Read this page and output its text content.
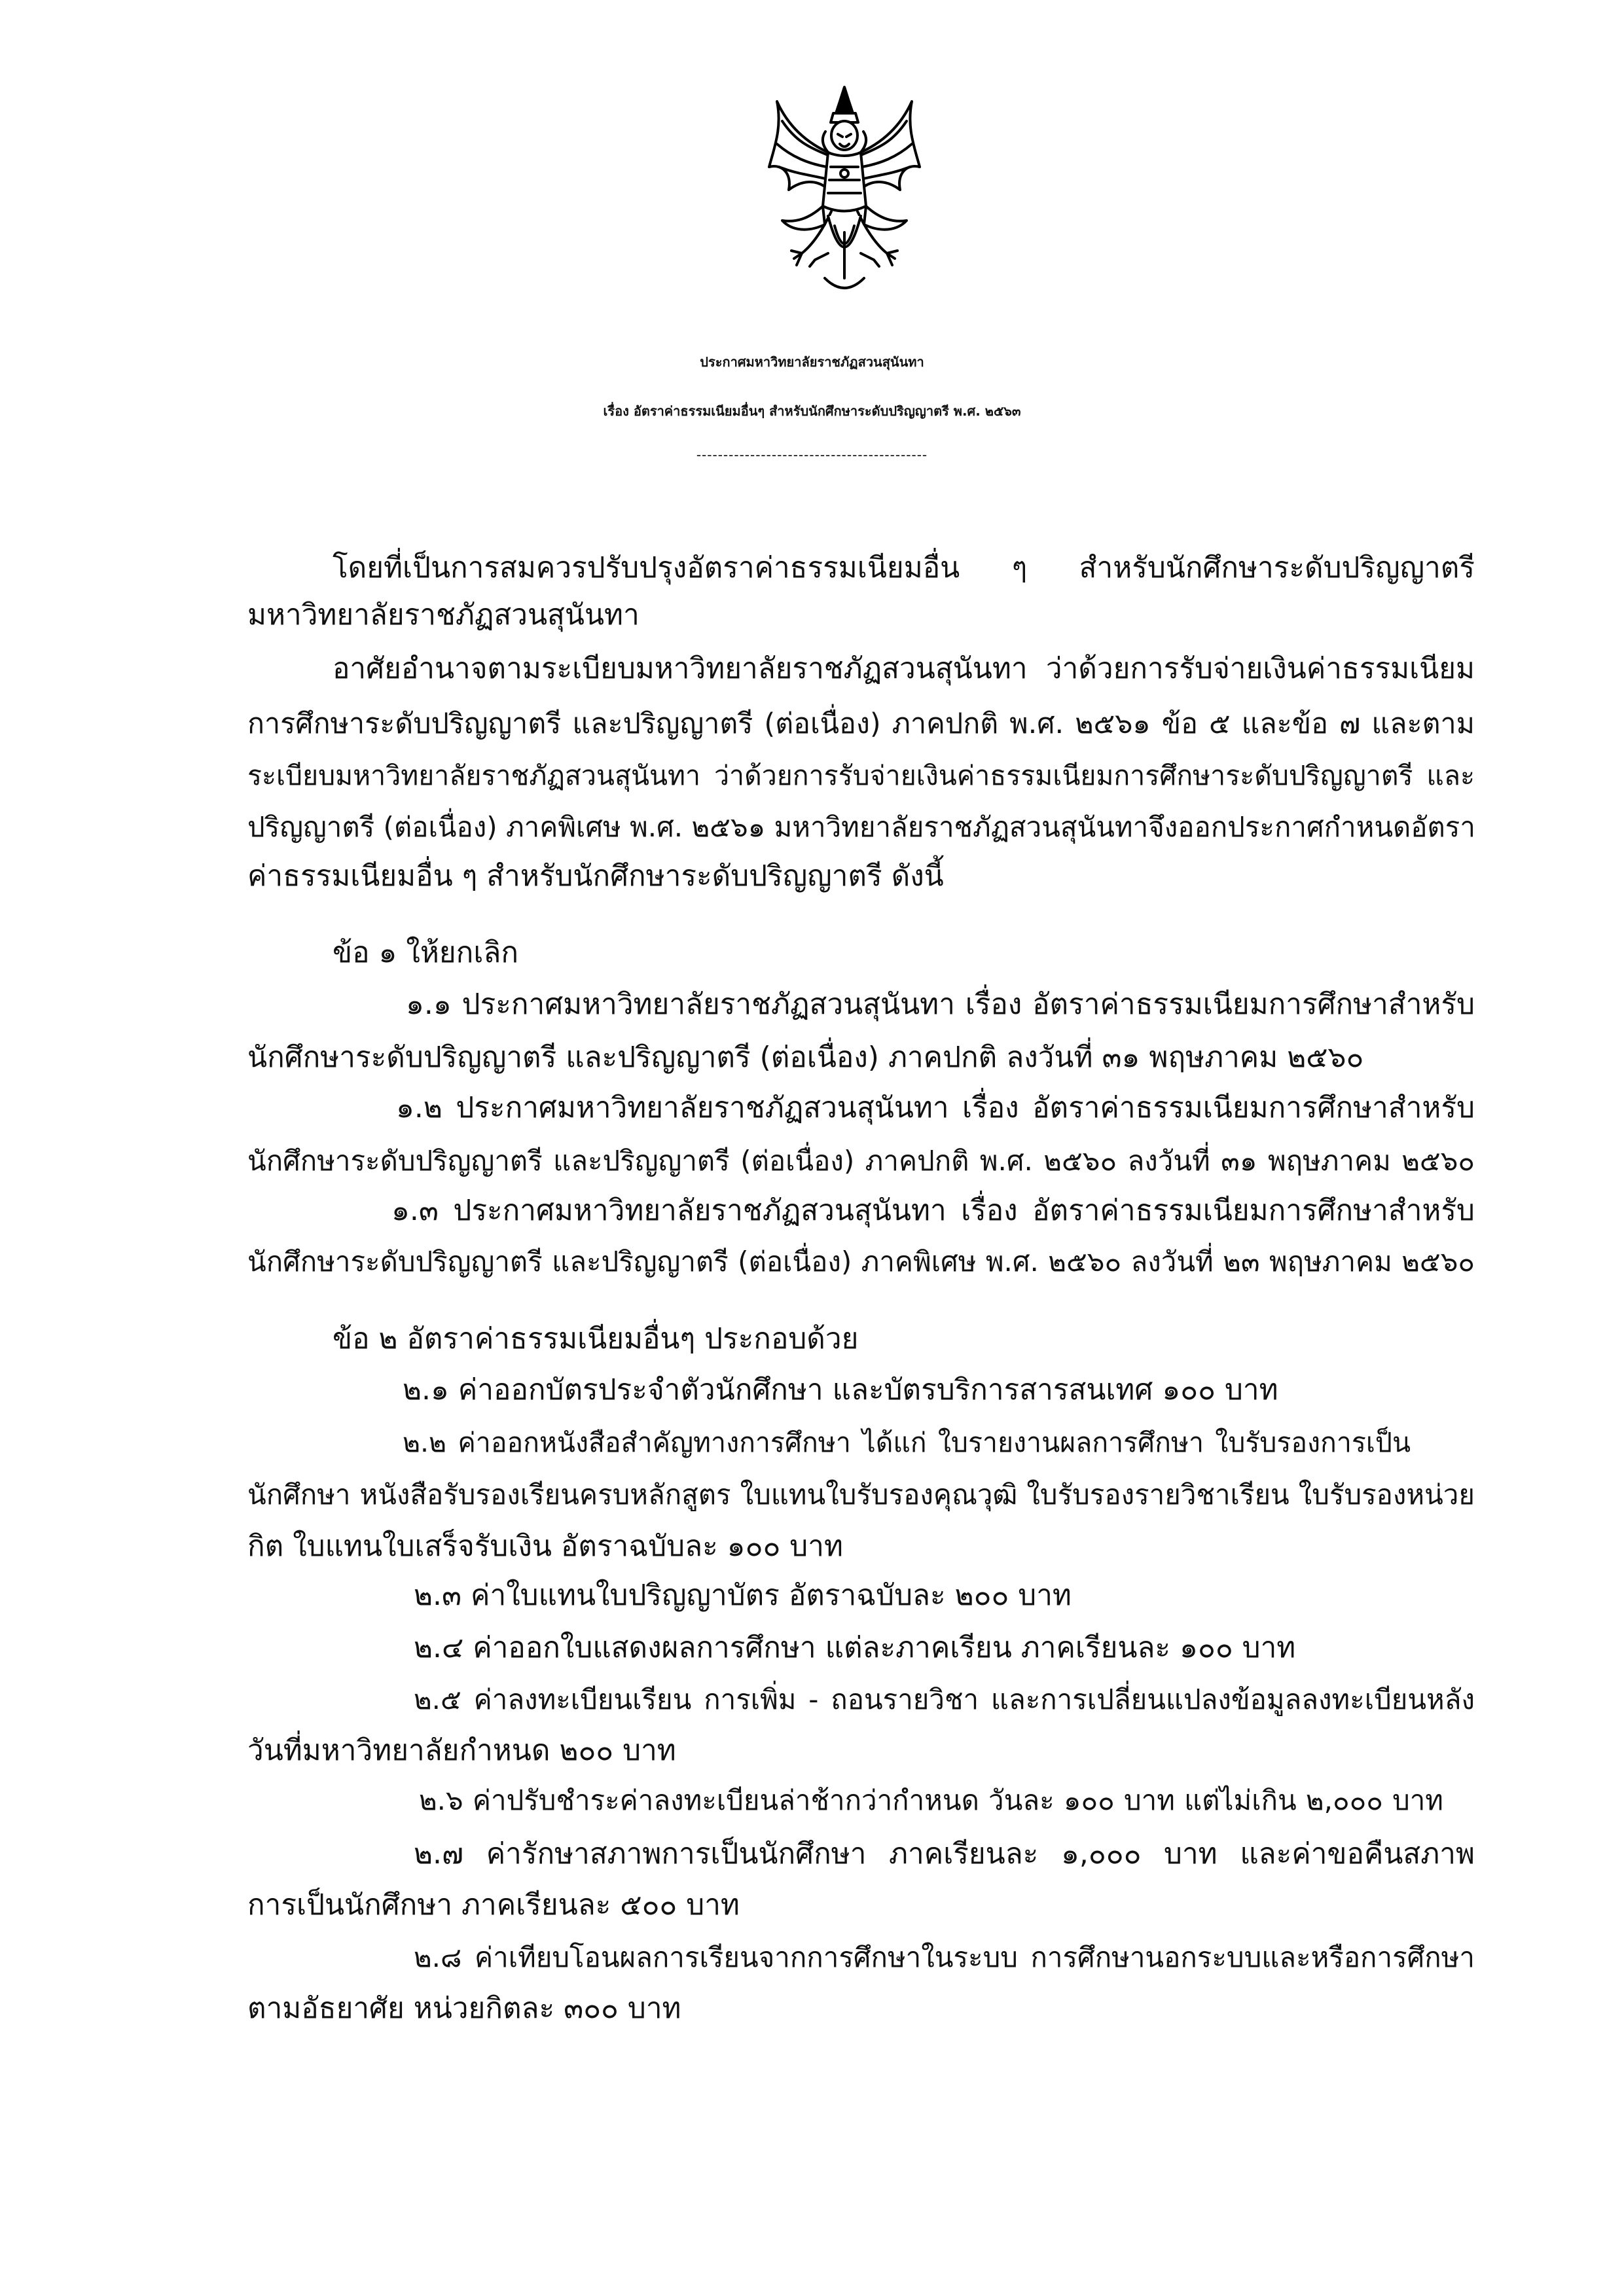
ประกาศมหาวิทยาลัยราชภัฏสวนสุนันทา
เรื่อง อัตราค่าธรรมเนียมอื่นๆ สำหรับนักศึกษาระดับปริญญาตรี พ.ศ. ๒๕๖๓
-------------------------------------------
โดยที่เป็นการสมควรปรับปรุงอัตราค่าธรรมเนียมอื่น ๆ สำหรับนักศึกษาระดับปริญญาตรี
มหาวิทยาลัยราชภัฏสวนสุนันทา
อาศัยอำนาจตามระเบียบมหาวิทยาลัยราชภัฏสวนสุนันทา ว่าด้วยการรับจ่ายเงินค่าธรรมเนียม
การศึกษาระดับปริญญาตรี และปริญญาตรี (ต่อเนื่อง) ภาคปกติ พ.ศ. ๒๕๖๑ ข้อ ๕ และข้อ ๗ และตาม
ระเบียบมหาวิทยาลัยราชภัฏสวนสุนันทา ว่าด้วยการรับจ่ายเงินค่าธรรมเนียมการศึกษาระดับปริญญาตรี และ
ปริญญาตรี (ต่อเนื่อง) ภาคพิเศษ พ.ศ. ๒๕๖๑ มหาวิทยาลัยราชภัฏสวนสุนันทาจึงออกประกาศกำหนดอัตรา
ค่าธรรมเนียมอื่น ๆ สำหรับนักศึกษาระดับปริญญาตรี ดังนี้
ข้อ ๑ ให้ยกเลิก
๑.๑ ประกาศมหาวิทยาลัยราชภัฏสวนสุนันทา เรื่อง อัตราค่าธรรมเนียมการศึกษาสำหรับ
นักศึกษาระดับปริญญาตรี และปริญญาตรี (ต่อเนื่อง) ภาคปกติ ลงวันที่ ๓๑ พฤษภาคม ๒๕๖๐
๑.๒ ประกาศมหาวิทยาลัยราชภัฏสวนสุนันทา เรื่อง อัตราค่าธรรมเนียมการศึกษาสำหรับ
นักศึกษาระดับปริญญาตรี และปริญญาตรี (ต่อเนื่อง) ภาคปกติ พ.ศ. ๒๕๖๐ ลงวันที่ ๓๑ พฤษภาคม ๒๕๖๐
๑.๓ ประกาศมหาวิทยาลัยราชภัฏสวนสุนันทา เรื่อง อัตราค่าธรรมเนียมการศึกษาสำหรับ
นักศึกษาระดับปริญญาตรี และปริญญาตรี (ต่อเนื่อง) ภาคพิเศษ พ.ศ. ๒๕๖๐ ลงวันที่ ๒๓ พฤษภาคม ๒๕๖๐
ข้อ ๒ อัตราค่าธรรมเนียมอื่นๆ ประกอบด้วย
๒.๑ ค่าออกบัตรประจำตัวนักศึกษา และบัตรบริการสารสนเทศ ๑๐๐ บาท
๒.๒ ค่าออกหนังสือสำคัญทางการศึกษา ได้แก่ ใบรายงานผลการศึกษา ใบรับรองการเป็น
นักศึกษา หนังสือรับรองเรียนครบหลักสูตร ใบแทนใบรับรองคุณวุฒิ ใบรับรองรายวิชาเรียน ใบรับรองหน่วย
กิต ใบแทนใบเสร็จรับเงิน อัตราฉบับละ ๑๐๐ บาท
๒.๓ ค่าใบแทนใบปริญญาบัตร อัตราฉบับละ ๒๐๐ บาท
๒.๔ ค่าออกใบแสดงผลการศึกษา แต่ละภาคเรียน ภาคเรียนละ ๑๐๐ บาท
๒.๕ ค่าลงทะเบียนเรียน การเพิ่ม - ถอนรายวิชา และการเปลี่ยนแปลงข้อมูลลงทะเบียนหลัง
วันที่มหาวิทยาลัยกำหนด ๒๐๐ บาท
๒.๖ ค่าปรับชำระค่าลงทะเบียนล่าช้ากว่ากำหนด วันละ ๑๐๐ บาท แต่ไม่เกิน ๒,๐๐๐ บาท
๒.๗ ค่ารักษาสภาพการเป็นนักศึกษา ภาคเรียนละ ๑,๐๐๐ บาท และค่าขอคืนสภาพ
การเป็นนักศึกษา ภาคเรียนละ ๕๐๐ บาท
๒.๘ ค่าเทียบโอนผลการเรียนจากการศึกษาในระบบ การศึกษานอกระบบและหรือการศึกษา
ตามอัธยาศัย หน่วยกิตละ ๓๐๐ บาท
